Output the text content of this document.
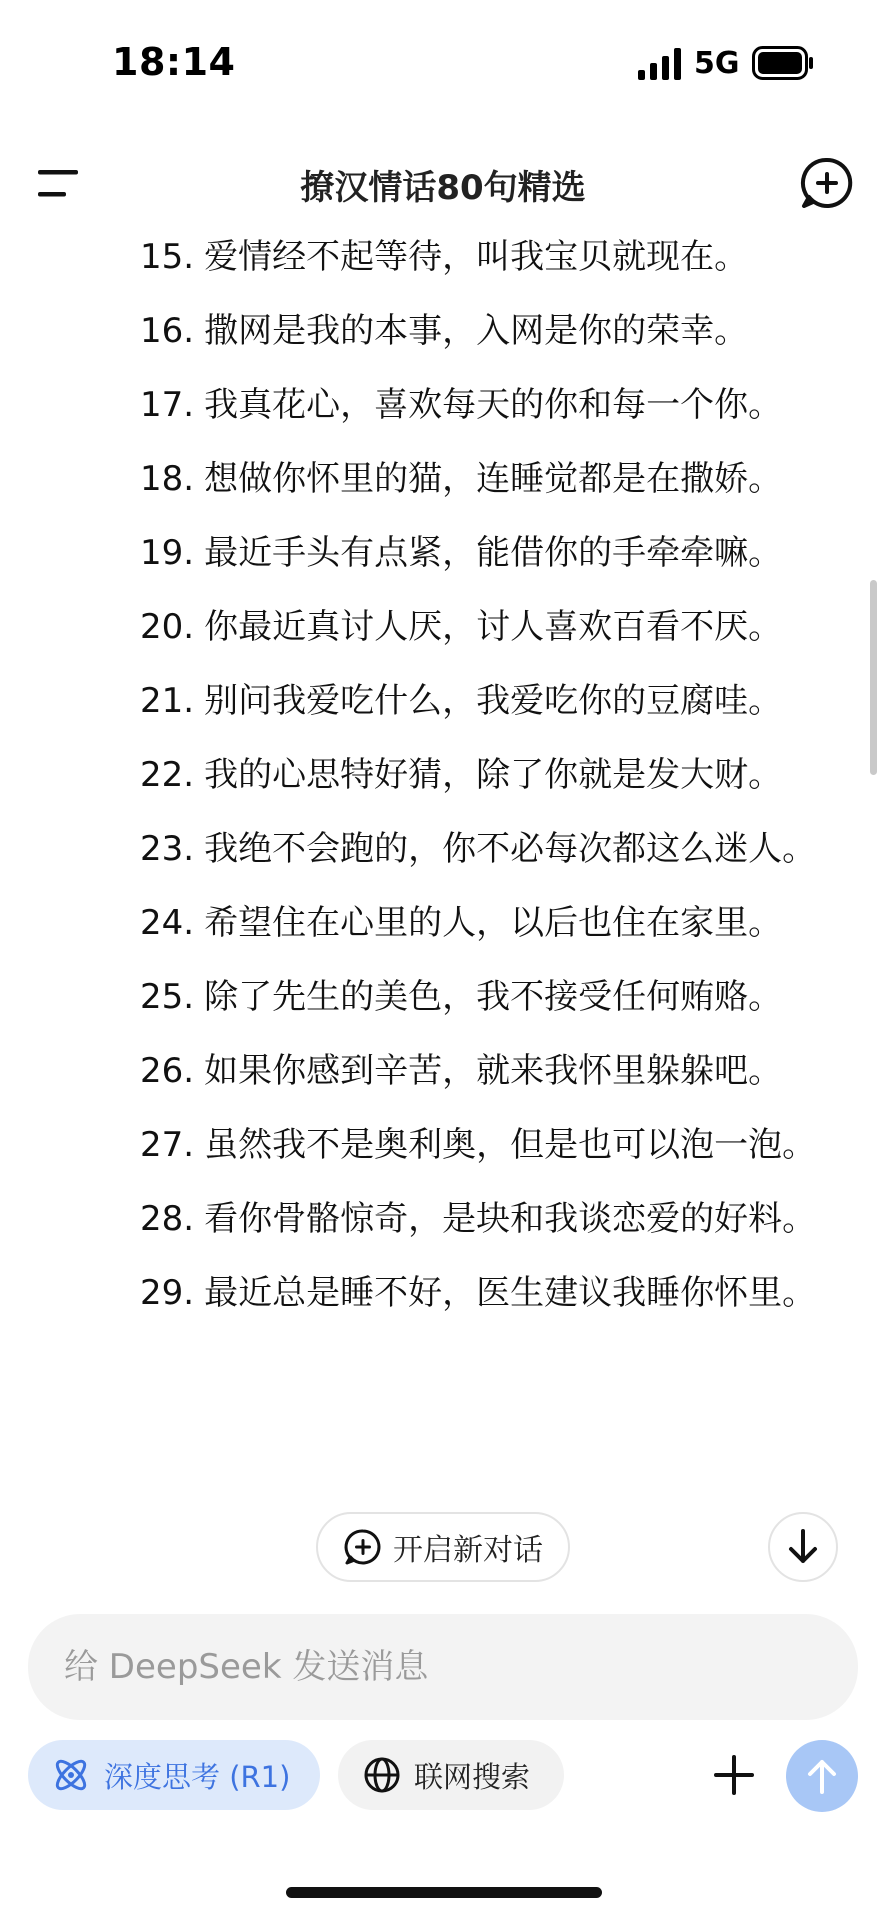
18:14	5G
撩汉情话80句精选
15. 爱情经不起等待，叫我宝贝就现在。
16. 撒网是我的本事，入网是你的荣幸。
17. 我真花心，喜欢每天的你和每一个你。
18. 想做你怀里的猫，连睡觉都是在撒娇。
19. 最近手头有点紧，能借你的手牵牵嘛。
20. 你最近真讨人厌，讨人喜欢百看不厌。
21. 别问我爱吃什么，我爱吃你的豆腐哇。
22. 我的心思特好猜，除了你就是发大财。
23. 我绝不会跑的，你不必每次都这么迷人。
24. 希望住在心里的人，以后也住在家里。
25. 除了先生的美色，我不接受任何贿赂。
26. 如果你感到辛苦，就来我怀里躲躲吧。
27. 虽然我不是奥利奥，但是也可以泡一泡。
28. 看你骨骼惊奇，是块和我谈恋爱的好料。
29. 最近总是睡不好，医生建议我睡你怀里。
开启新对话
给 DeepSeek 发送消息
深度思考 (R1)	联网搜索
